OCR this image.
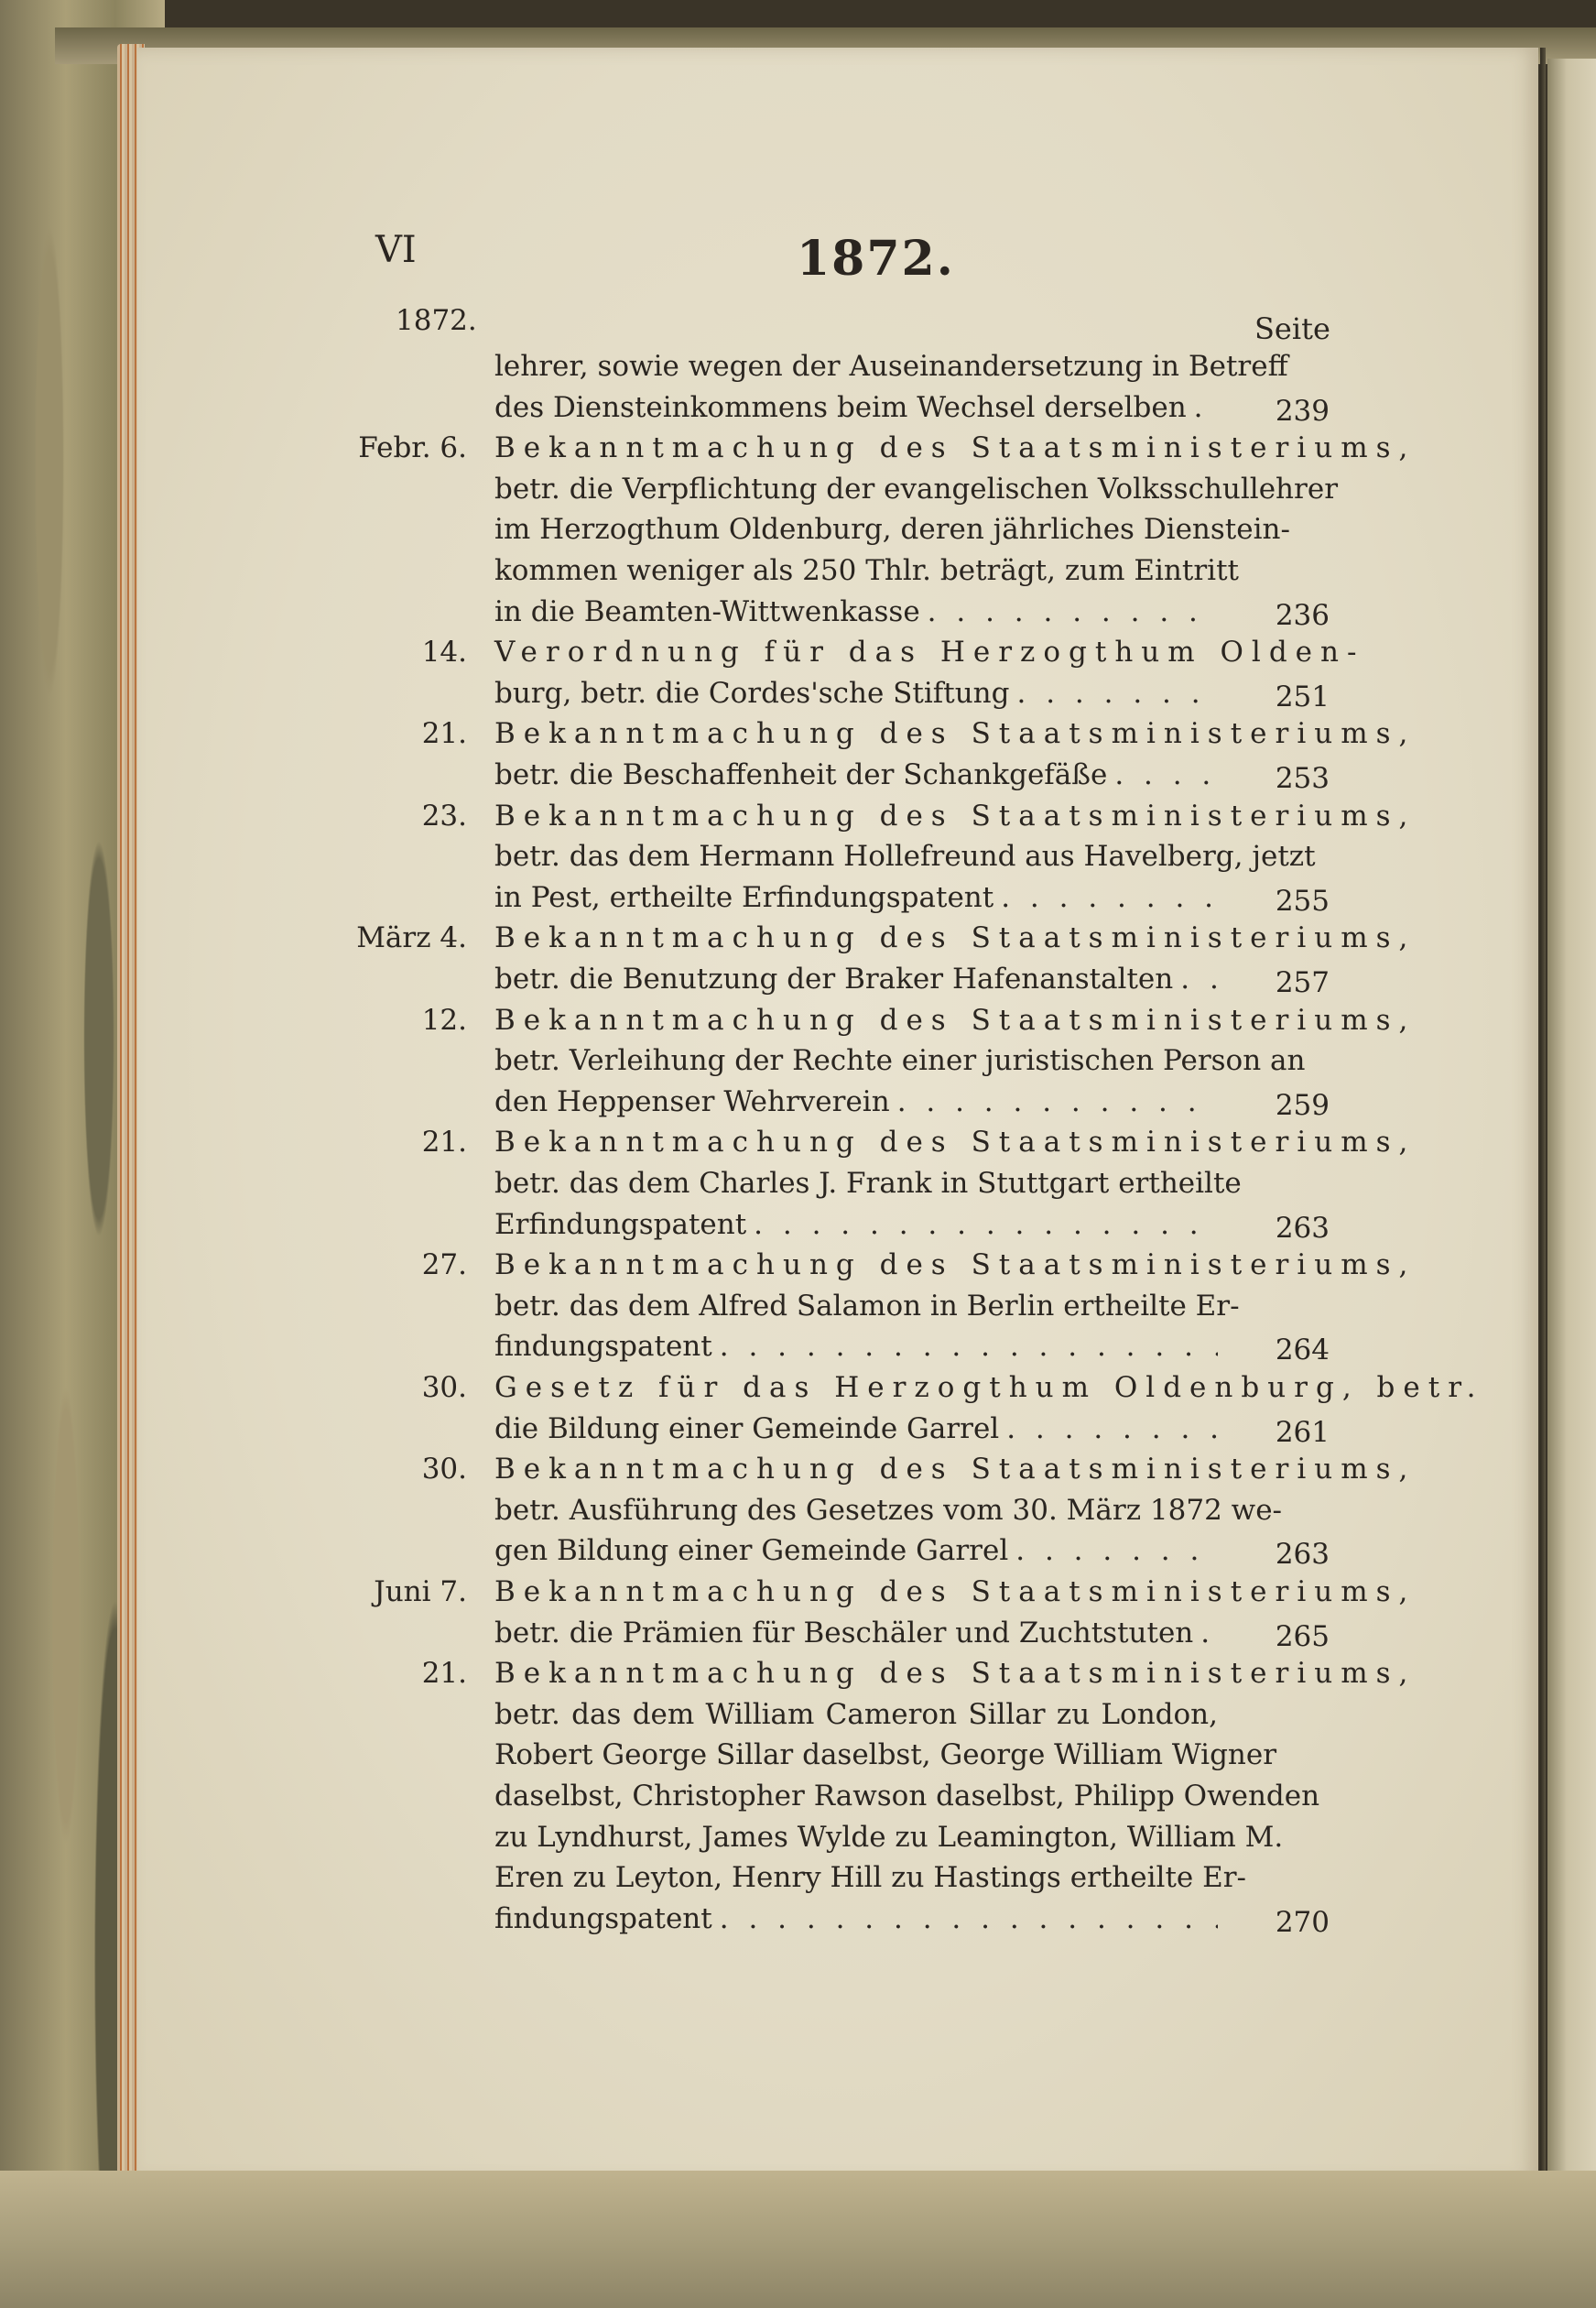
VI	1872.
1872.	Seite
lehrer, sowie wegen der Auseinandersetzung in Betreff
239
des Diensteinkommens beim Wechsel derselben
. . .
Febr. 6. Bekanntmachung des Staatsministeriums,
betr. die Verpflichtung der evangelischen Volksschullehrer
im Herzogthum Oldenburg, deren jährliches Dienstein-
kommen weniger als 250 Thlr. beträgt, zum Eintritt
236
in die Beamten-Wittwenkasse
. . .
14. Verordnung für das Herzogthum Olden-
251
burg, betr. die Cordes'sche Stiftung
. . .
21. Bekanntmachung des Staatsministeriums,
253
betr. die Beschaffenheit der Schankgefäße
. . .
23. Bekanntmachung des Staatsministeriums,
betr. das dem Hermann Hollefreund aus Havelberg, jetzt
255
in Pest, ertheilte Erfindungspatent
. . .
März 4. Bekanntmachung des Staatsministeriums,
257
betr. die Benutzung der Braker Hafenanstalten
. . .
12. Bekanntmachung des Staatsministeriums,
betr. Verleihung der Rechte einer juristischen Person an
259
den Heppenser Wehrverein
. . .
21. Bekanntmachung des Staatsministeriums,
betr. das dem Charles J. Frank in Stuttgart ertheilte
263
Erfindungspatent
. . .
27. Bekanntmachung des Staatsministeriums,
betr. das dem Alfred Salamon in Berlin ertheilte Er-
264
findungspatent
. . .
30. Gesetz für das Herzogthum Oldenburg, betr.
261
die Bildung einer Gemeinde Garrel
. . .
30. Bekanntmachung des Staatsministeriums,
betr. Ausführung des Gesetzes vom 30. März 1872 we-
263
gen Bildung einer Gemeinde Garrel
. . .
Juni 7. Bekanntmachung des Staatsministeriums,
265
betr. die Prämien für Beschäler und Zuchtstuten
. . .
21. Bekanntmachung des Staatsministeriums,
betr. das dem William Cameron Sillar zu London,
Robert George Sillar daselbst, George William Wigner
daselbst, Christopher Rawson daselbst, Philipp Owenden
zu Lyndhurst, James Wylde zu Leamington, William M.
Eren zu Leyton, Henry Hill zu Hastings ertheilte Er-
270
findungspatent
. . .
